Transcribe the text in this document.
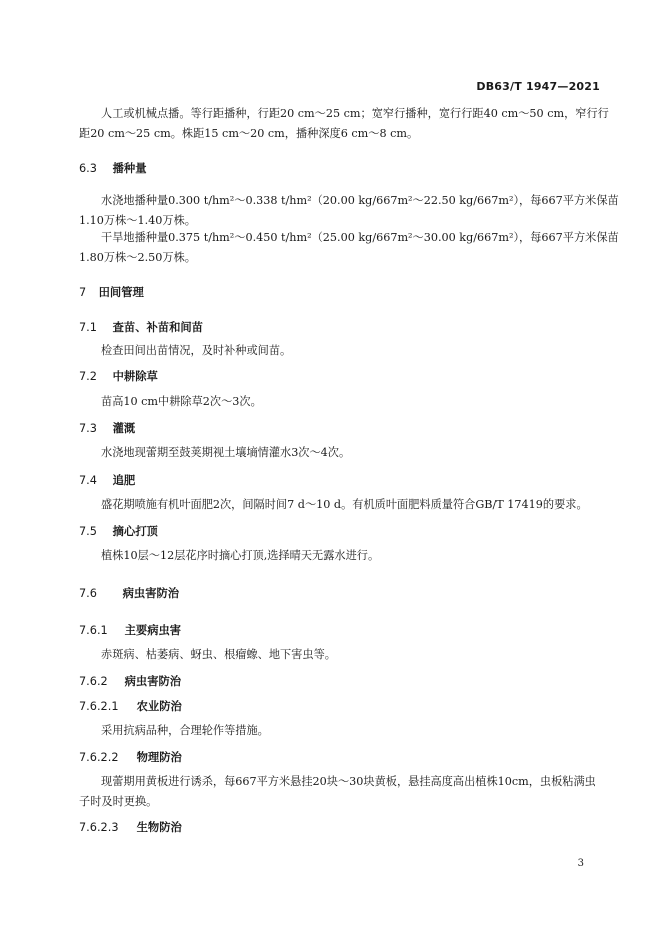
DB63/T 1947—2021
人工或机械点播。等行距播种，行距20 cm～25 cm；宽窄行播种，宽行行距40 cm～50 cm，窄行行
距20 cm～25 cm。株距15 cm～20 cm，播种深度6 cm～8 cm。
6.3 播种量
水浇地播种量0.300 t/hm²～0.338 t/hm²（20.00 kg/667m²～22.50 kg/667m²），每667平方米保苗
1.10万株～1.40万株。
干旱地播种量0.375 t/hm²～0.450 t/hm²（25.00 kg/667m²～30.00 kg/667m²），每667平方米保苗
1.80万株～2.50万株。
7 田间管理
7.1 查苗、补苗和间苗
检查田间出苗情况，及时补种或间苗。
7.2 中耕除草
苗高10 cm中耕除草2次～3次。
7.3 灌溉
水浇地现蕾期至鼓荚期视土壤墒情灌水3次～4次。
7.4 追肥
盛花期喷施有机叶面肥2次，间隔时间7 d～10 d。有机质叶面肥料质量符合GB/T 17419的要求。
7.5 摘心打顶
植株10层～12层花序时摘心打顶,选择晴天无露水进行。
7.6 病虫害防治
7.6.1 主要病虫害
赤斑病、枯萎病、蚜虫、根瘤蟓、地下害虫等。
7.6.2 病虫害防治
7.6.2.1 农业防治
采用抗病品种，合理轮作等措施。
7.6.2.2 物理防治
现蕾期用黄板进行诱杀，每667平方米悬挂20块～30块黄板，悬挂高度高出植株10cm，虫板粘满虫
子时及时更换。
7.6.2.3 生物防治
3
